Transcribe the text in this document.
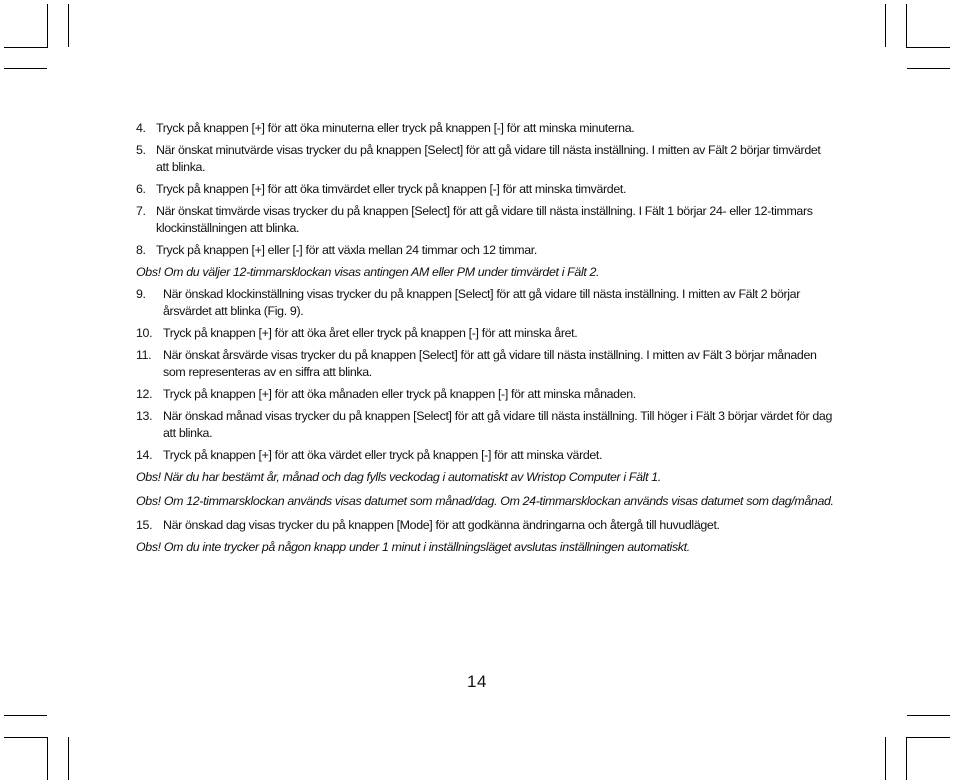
4. Tryck på knappen [+] för att öka minuterna eller tryck på knappen [-] för att minska minuterna.
5. När önskat minutvärde visas trycker du på knappen [Select] för att gå vidare till nästa inställning. I mitten av Fält 2 börjar timvärdet att blinka.
6. Tryck på knappen [+] för att öka timvärdet eller tryck på knappen [-] för att minska timvärdet.
7. När önskat timvärde visas trycker du på knappen [Select] för att gå vidare till nästa inställning. I Fält 1 börjar 24- eller 12-timmars klockinställningen att blinka.
8. Tryck på knappen [+] eller [-] för att växla mellan 24 timmar och 12 timmar.
Obs! Om du väljer 12-timmarsklockan visas antingen AM eller PM under timvärdet i Fält 2.
9. När önskad klockinställning visas trycker du på knappen [Select] för att gå vidare till nästa inställning. I mitten av Fält 2 börjar årsvärdet att blinka (Fig. 9).
10. Tryck på knappen [+] för att öka året eller tryck på knappen [-] för att minska året.
11. När önskat årsvärde visas trycker du på knappen [Select] för att gå vidare till nästa inställning. I mitten av Fält 3 börjar månaden som representeras av en siffra att blinka.
12. Tryck på knappen [+] för att öka månaden eller tryck på knappen [-] för att minska månaden.
13. När önskad månad visas trycker du på knappen [Select] för att gå vidare till nästa inställning. Till höger i Fält 3 börjar värdet för dag att blinka.
14. Tryck på knappen [+] för att öka värdet eller tryck på knappen [-] för att minska värdet.
Obs! När du har bestämt år, månad och dag fylls veckodag i automatiskt av Wristop Computer i Fält 1.
Obs! Om 12-timmarsklockan används visas datumet som månad/dag. Om 24-timmarsklockan används visas datumet som dag/månad.
15. När önskad dag visas trycker du på knappen [Mode] för att godkänna ändringarna och återgå till huvudläget.
Obs! Om du inte trycker på någon knapp under 1 minut i inställningsläget avslutas inställningen automatiskt.
14
